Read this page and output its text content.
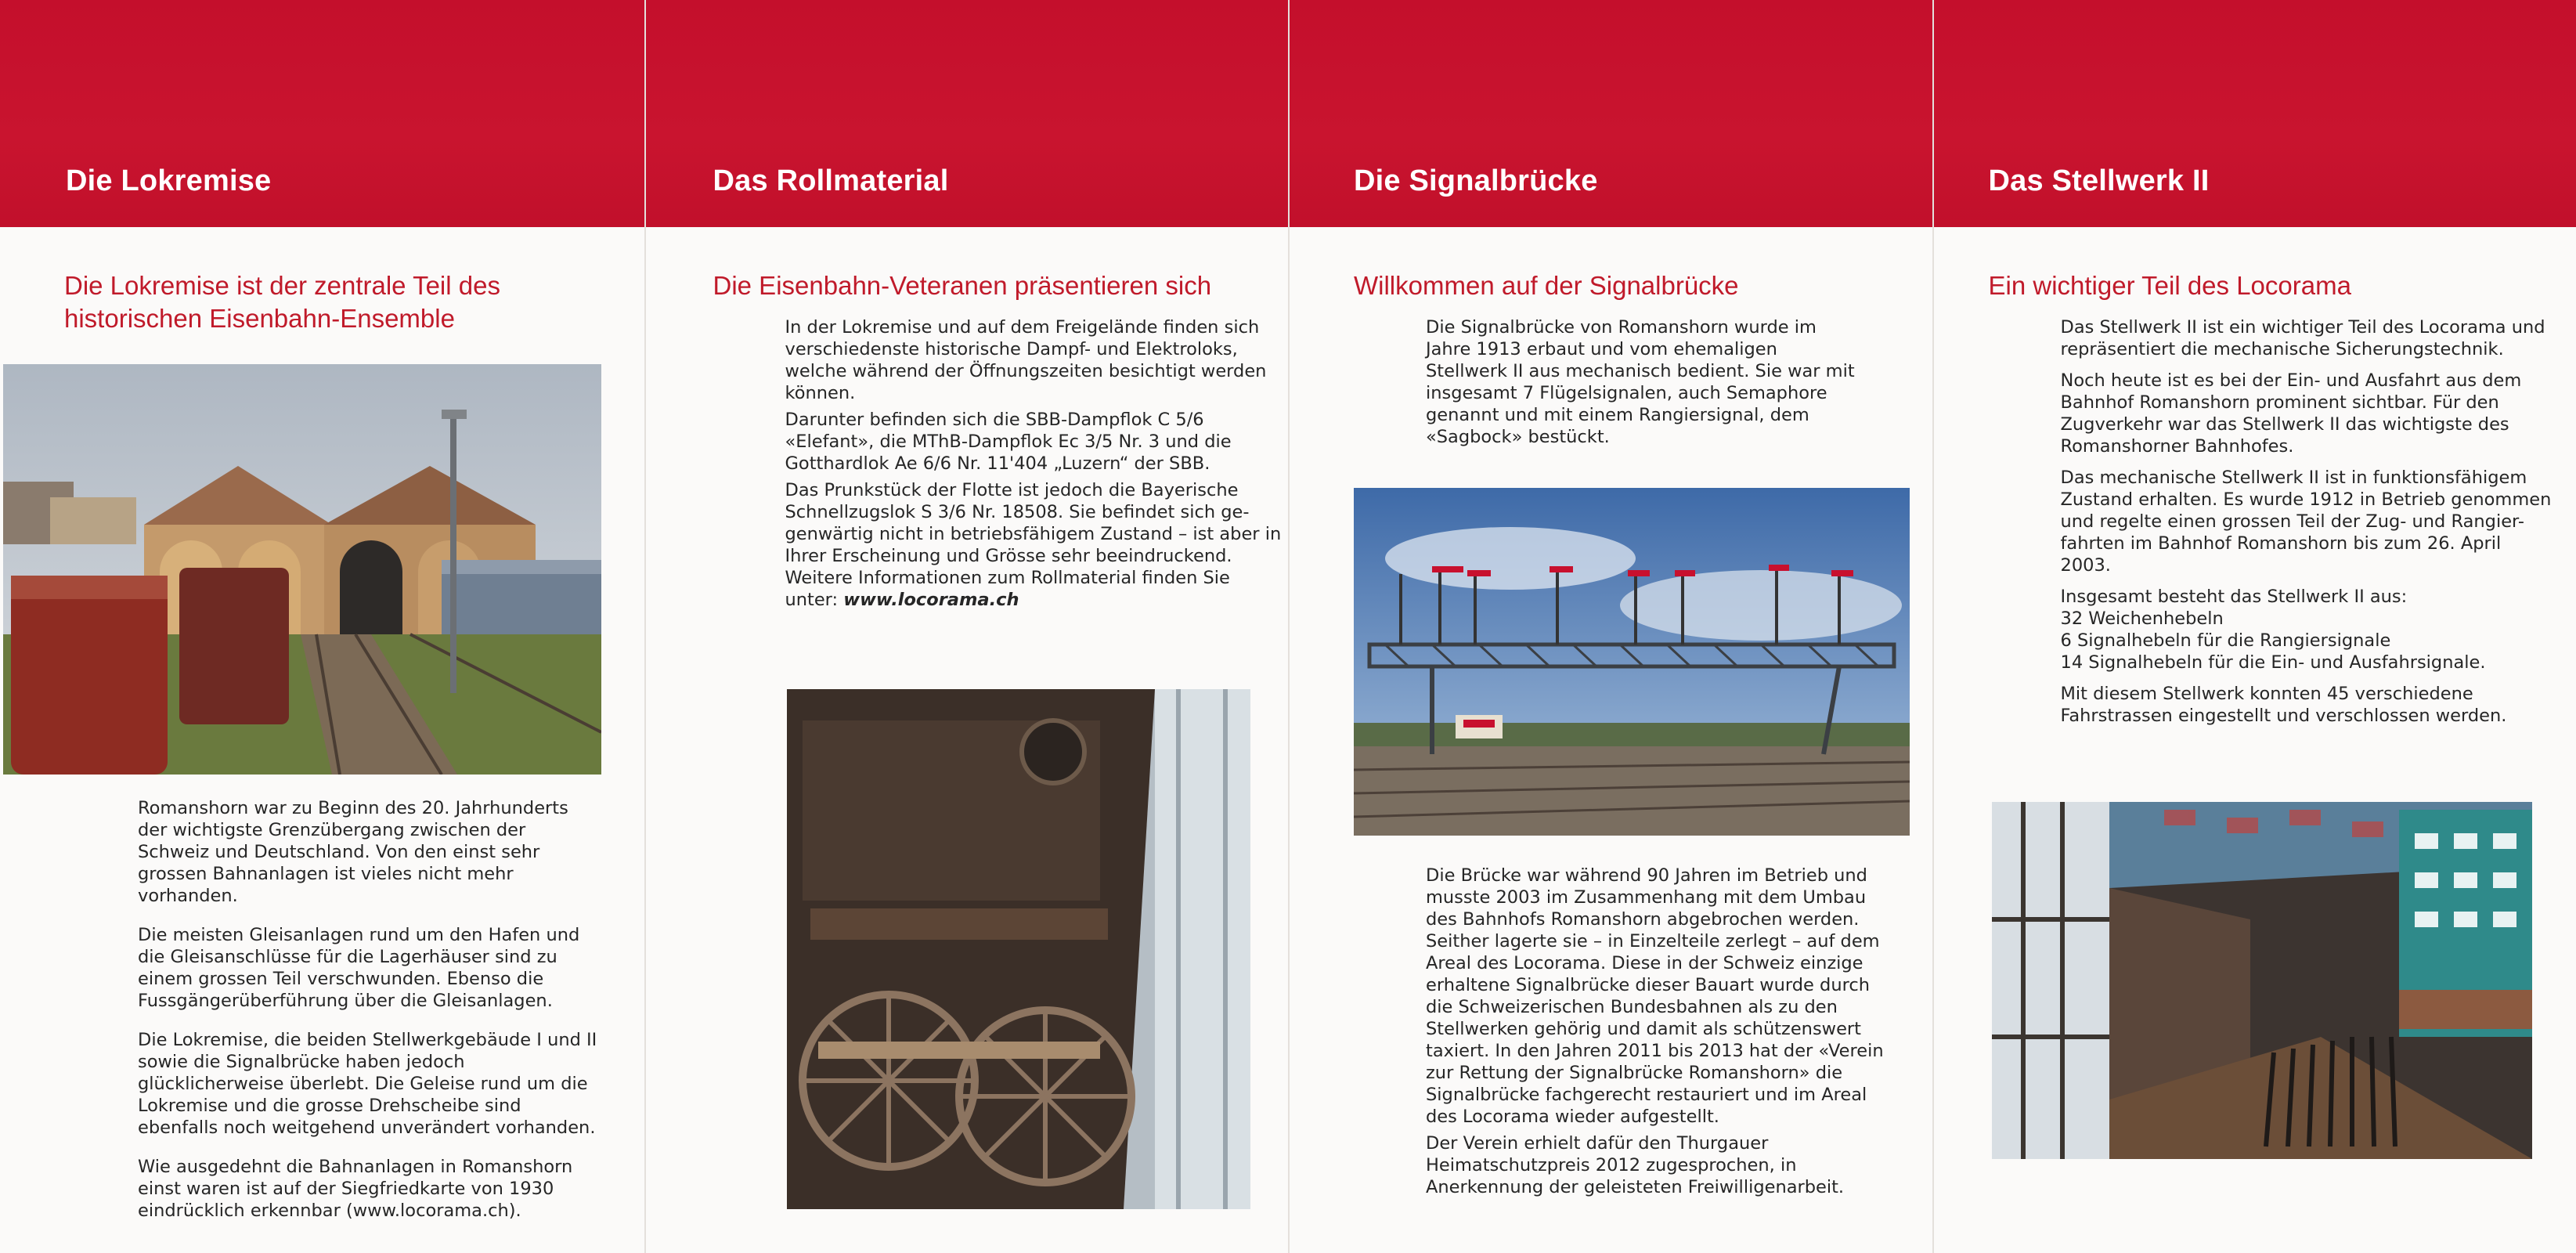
Die Lokremise
Die Lokremise ist der zentrale Teil des
historischen Eisenbahn-Ensemble

Romanshorn war zu Beginn des 20. Jahrhunderts
der wichtigste Grenzübergang zwischen der
Schweiz und Deutschland. Von den einst sehr
grossen Bahnanlagen ist vieles nicht mehr
vorhanden.

Die meisten Gleisanlagen rund um den Hafen und
die Gleisanschlüsse für die Lagerhäuser sind zu
einem grossen Teil verschwunden. Ebenso die
Fussgängerüberführung über die Gleisanlagen.

Die Lokremise, die beiden Stellwerkgebäude I und II
sowie die Signalbrücke haben jedoch
glücklicherweise überlebt. Die Geleise rund um die
Lokremise und die grosse Drehscheibe sind
ebenfalls noch weitgehend unverändert vorhanden.

Wie ausgedehnt die Bahnanlagen in Romanshorn
einst waren ist auf der Siegfriedkarte von 1930
eindrücklich erkennbar (www.locorama.ch).

Das Rollmaterial
Die Eisenbahn-Veteranen präsentieren sich

In der Lokremise und auf dem Freigelände finden sich
verschiedenste historische Dampf- und Elektroloks,
welche während der Öffnungszeiten besichtigt werden
können.

Darunter befinden sich die SBB-Dampflok C 5/6
«Elefant», die MThB-Dampflok Ec 3/5 Nr. 3 und die
Gotthardlok Ae 6/6 Nr. 11'404 „Luzern“ der SBB.

Das Prunkstück der Flotte ist jedoch die Bayerische
Schnellzugslok S 3/6 Nr. 18508. Sie befindet sich ge-
genwärtig nicht in betriebsfähigem Zustand – ist aber in
Ihrer Erscheinung und Grösse sehr beeindruckend.
Weitere Informationen zum Rollmaterial finden Sie

unter: www.locorama.ch

Die Signalbrücke
Willkommen auf der Signalbrücke

Die Signalbrücke von Romanshorn wurde im
Jahre 1913 erbaut und vom ehemaligen
Stellwerk II aus mechanisch bedient. Sie war mit
insgesamt 7 Flügelsignalen, auch Semaphore
genannt und mit einem Rangiersignal, dem
«Sagbock» bestückt.

Die Brücke war während 90 Jahren im Betrieb und
musste 2003 im Zusammenhang mit dem Umbau
des Bahnhofs Romanshorn abgebrochen werden.
Seither lagerte sie – in Einzelteile zerlegt – auf dem
Areal des Locorama. Diese in der Schweiz einzige
erhaltene Signalbrücke dieser Bauart wurde durch
die Schweizerischen Bundesbahnen als zu den
Stellwerken gehörig und damit als schützenswert
taxiert. In den Jahren 2011 bis 2013 hat der «Verein
zur Rettung der Signalbrücke Romanshorn» die
Signalbrücke fachgerecht restauriert und im Areal
des Locorama wieder aufgestellt.

Der Verein erhielt dafür den Thurgauer
Heimatschutzpreis 2012 zugesprochen, in
Anerkennung der geleisteten Freiwilligenarbeit.

Das Stellwerk II
Ein wichtiger Teil des Locorama

Das Stellwerk II ist ein wichtiger Teil des Locorama und
repräsentiert die mechanische Sicherungstechnik.

Noch heute ist es bei der Ein- und Ausfahrt aus dem
Bahnhof Romanshorn prominent sichtbar. Für den
Zugverkehr war das Stellwerk II das wichtigste des
Romanshorner Bahnhofes.

Das mechanische Stellwerk II ist in funktionsfähigem
Zustand erhalten. Es wurde 1912 in Betrieb genommen
und regelte einen grossen Teil der Zug- und Rangier-
fahrten im Bahnhof Romanshorn bis zum 26. April
2003.

Insgesamt besteht das Stellwerk II aus:
32 Weichenhebeln
6 Signalhebeln für die Rangiersignale
14 Signalhebeln für die Ein- und Ausfahrsignale.

Mit diesem Stellwerk konnten 45 verschiedene
Fahrstrassen eingestellt und verschlossen werden.
